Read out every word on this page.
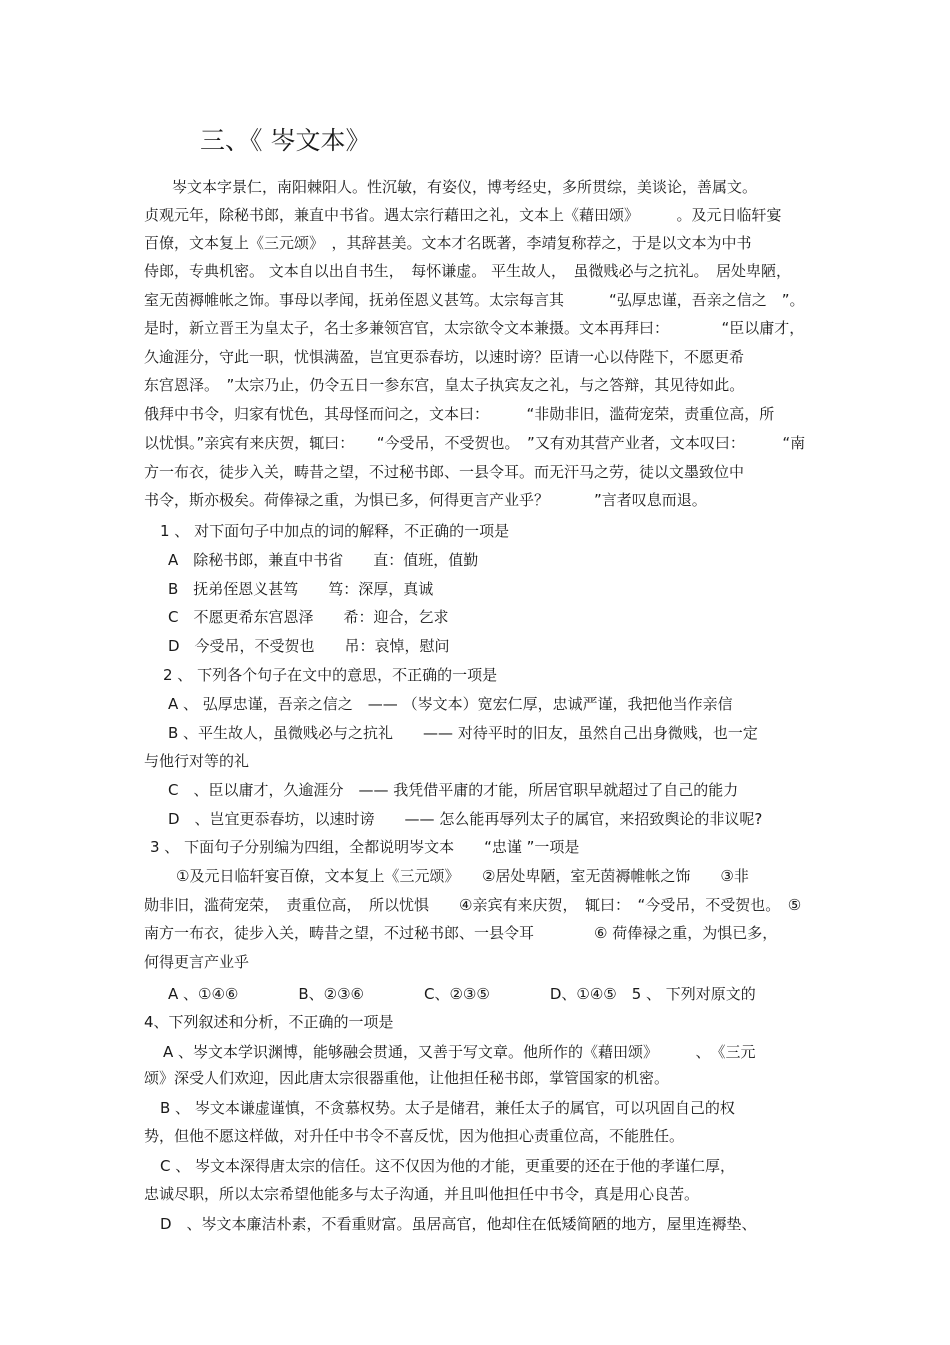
三、《 岑文本》
岑文本字景仁，南阳棘阳人。性沉敏，有姿仪，博考经史，多所贯综，美谈论，善属文。
贞观元年，除秘书郎，兼直中书省。遇太宗行藉田之礼，文本上《藉田颂》　　　。及元日临轩宴
百僚，文本复上《三元颂》　，其辞甚美。文本才名既著，李靖复称荐之，于是以文本为中书
侍郎，专典机密。 文本自以出自书生，　每怀谦虚。 平生故人，　虽微贱必与之抗礼。　居处卑陋，
室无茵褥帷帐之饰。事母以孝闻，抚弟侄恩义甚笃。太宗每言其　　　“弘厚忠谨，吾亲之信之　”。
是时，新立晋王为皇太子，名士多兼领宫官，太宗欲令文本兼摄。文本再拜曰：　　　　“臣以庸才，
久逾涯分，守此一职，忧惧满盈，岂宜更忝春坊，以速时谤？臣请一心以侍陛下，不愿更希
东宫恩泽。　”太宗乃止，仍令五日一参东宫，皇太子执宾友之礼，与之答辩，其见待如此。
俄拜中书令，归家有忧色，其母怪而问之，文本曰：　　　“非勋非旧，滥荷宠荣，责重位高，所
以忧惧。”亲宾有来庆贺，辄曰：　　“今受吊，不受贺也。　”又有劝其营产业者，文本叹曰：　　　“南
方一布衣，徒步入关，畴昔之望，不过秘书郎、一县令耳。而无汗马之劳，徒以文墨致位中
书令，斯亦极矣。荷俸禄之重，为惧已多，何得更言产业乎？　　　”言者叹息而退。
1 、 对下面句子中加点的词的解释，不正确的一项是
A　除秘书郎，兼直中书省　　直：值班，值勤
B　抚弟侄恩义甚笃　　笃：深厚，真诚
C　不愿更希东宫恩泽　　希：迎合，乞求
D　今受吊，不受贺也　　吊：哀悼，慰问
2 、 下列各个句子在文中的意思，不正确的一项是
A 、 弘厚忠谨，吾亲之信之　—— （岑文本）宽宏仁厚，忠诚严谨，我把他当作亲信
B 、平生故人，虽微贱必与之抗礼　　—— 对待平时的旧友，虽然自己出身微贱，也一定
与他行对等的礼
C　、臣以庸才，久逾涯分　—— 我凭借平庸的才能，所居官职早就超过了自己的能力
D　、岂宜更忝春坊，以速时谤　　—— 怎么能再辱列太子的属官，来招致舆论的非议呢?
3 、 下面句子分别编为四组，全都说明岑文本　　“忠谨 ”一项是
①及元日临轩宴百僚，文本复上《三元颂》　　②居处卑陋，室无茵褥帷帐之饰　　③非
勋非旧，滥荷宠荣，　责重位高，　所以忧惧　　④亲宾有来庆贺，　辄曰：　“今受吊，不受贺也。　⑤
南方一布衣，徒步入关，畴昔之望，不过秘书郎、一县令耳　　　　⑥ 荷俸禄之重，为惧已多，
何得更言产业乎
A 、①④⑥　　　　B、②③⑥　　　　C、②③⑤　　　　D、①④⑤　5 、 下列对原文的
4、下列叙述和分析，不正确的一项是
A 、岑文本学识渊博，能够融会贯通，又善于写文章。他所作的《藉田颂》　　　、　《三元
颂》深受人们欢迎，因此唐太宗很器重他，让他担任秘书郎，掌管国家的机密。
B 、 岑文本谦虚谨慎，不贪慕权势。太子是储君，兼任太子的属官，可以巩固自己的权
势，但他不愿这样做，对升任中书令不喜反忧，因为他担心责重位高，不能胜任。
C 、 岑文本深得唐太宗的信任。这不仅因为他的才能，更重要的还在于他的孝谨仁厚，
忠诚尽职，所以太宗希望他能多与太子沟通，并且叫他担任中书令，真是用心良苦。
D　、岑文本廉洁朴素，不看重财富。虽居高官，他却住在低矮简陋的地方，屋里连褥垫、
